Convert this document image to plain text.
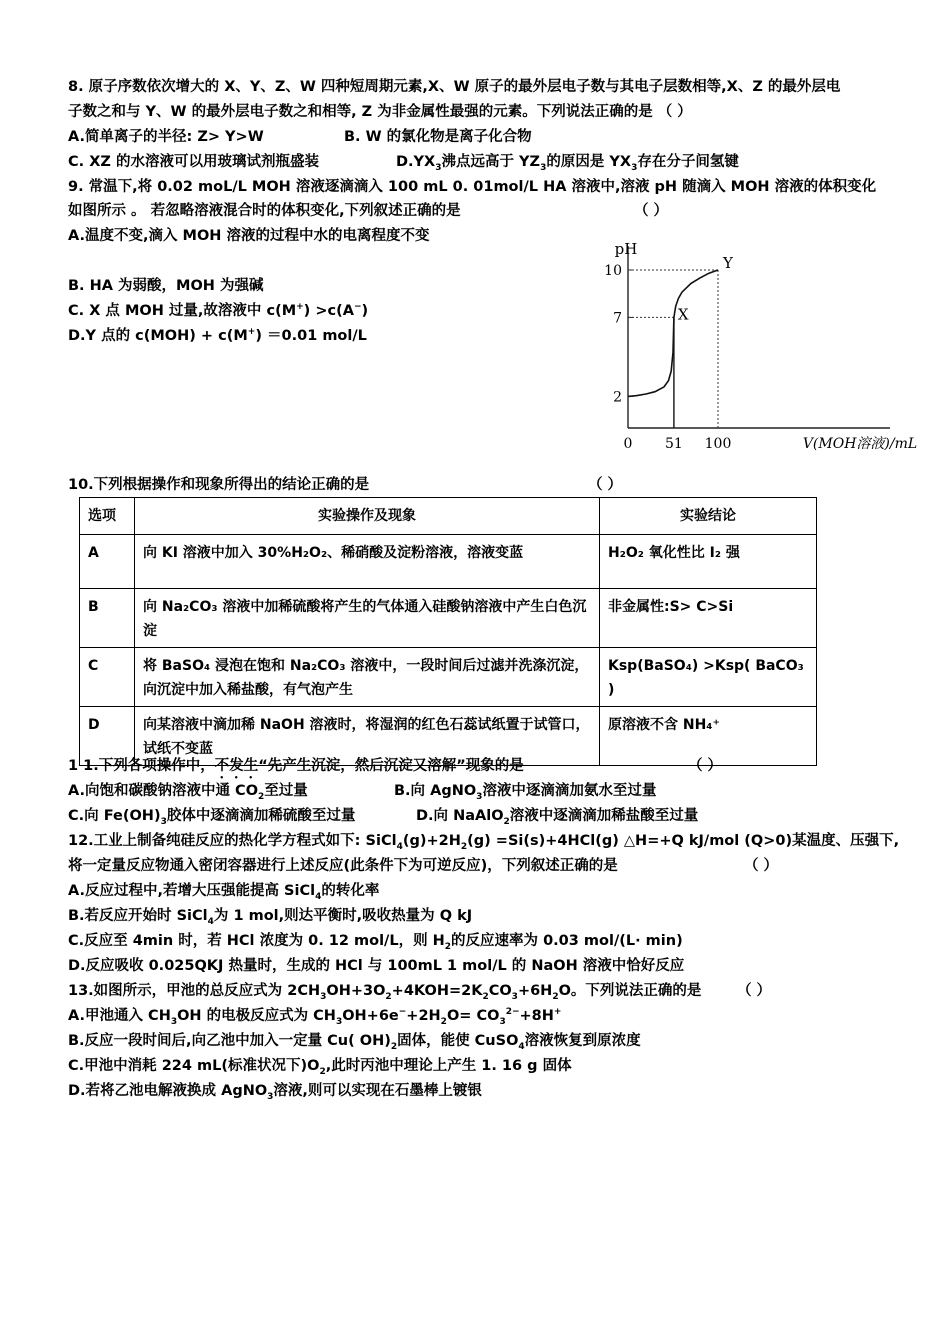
8. 原子序数依次增大的 X、Y、Z、W 四种短周期元素,X、W 原子的最外层电子数与其电子层数相等,X、Z 的最外层电
子数之和与 Y、W 的最外层电子数之和相等, Z 为非金属性最强的元素。下列说法正确的是 （ ）
A.简单离子的半径: Z> Y>W	B. W 的氯化物是离子化合物
C. XZ 的水溶液可以用玻璃试剂瓶盛装	$D.YX_3$沸点远高于 $YZ_3$的原因是 $YX_3$存在分子间氢键
9. 常温下,将 0.02 moL/L MOH 溶液逐滴滴入 100 mL 0. 01mol/L HA 溶液中,溶液 pH 随滴入 MOH 溶液的体积变化
如图所示 。 若忽略溶液混合时的体积变化,下列叙述正确的是	（ ）
A.温度不变,滴入 MOH 溶液的过程中水的电离程度不变
B. HA 为弱酸，MOH 为强碱
C. X 点 MOH 过量,故溶液中 c(M+) >c(A−)
D.Y 点的 c(MOH) + c(M+) ＝0.01 mol/L
pH
V(MOH溶液)/mL
2
7
10
0 51 100
X
Y
10.下列根据操作和现象所得出的结论正确的是	（ ）
选项	实验操作及现象	实验结论
A	向 KI 溶液中加入 30%H₂O₂、稀硝酸及淀粉溶液，溶液变蓝	H₂O₂ 氧化性比 I₂ 强
B	向 Na₂CO₃ 溶液中加稀硫酸将产生的气体通入硅酸钠溶液中产生白色沉淀	非金属性:S> C>Si
C	将 BaSO₄ 浸泡在饱和 Na₂CO₃ 溶液中，一段时间后过滤并洗涤沉淀，向沉淀中加入稀盐酸，有气泡产生	Ksp(BaSO₄) >Ksp( BaCO₃ )
D	向某溶液中滴加稀 NaOH 溶液时，将湿润的红色石蕊试纸置于试管口，试纸不变蓝	原溶液不含 NH₄⁺
1 1.下列各项操作中，不发生“先产生沉淀，然后沉淀又溶解”现象的是	（ ）
A.向饱和碳酸钠溶液中通 $CO_2$至过量	B.向 AgNO$_3$溶液中逐滴滴加氨水至过量
C.向 $Fe(OH)_3$胶体中逐滴滴加稀硫酸至过量	D.向 NaAlO$_2$溶液中逐滴滴加稀盐酸至过量
12.工业上制备纯硅反应的热化学方程式如下: $SiCl_4(g)+2H_2(g) =Si(s)+4HCl(g)$ △H=+Q kJ/mol (Q>0)某温度、压强下,
将一定量反应物通入密闭容器进行上述反应(此条件下为可逆反应)，下列叙述正确的是	（ ）
A.反应过程中,若增大压强能提高 SiCl$_4$的转化率
B.若反应开始时 SiCl$_4$为 1 mol,则达平衡时,吸收热量为 Q kJ
C.反应至 4min 时，若 HCl 浓度为 0. 12 mol/L，则 $H_2$的反应速率为 0.03 mol/(L· min)
D.反应吸收 0.025QKJ 热量时，生成的 HCl 与 100mL 1 mol/L 的 NaOH 溶液中恰好反应
13.如图所示，甲池的总反应式为 $2CH_3OH+3O_2+4KOH=2K_2CO_3+6H_2O$。下列说法正确的是 （ ）
A.甲池通入 $CH_3OH$ 的电极反应式为 $CH_3OH+6e^-+2H_2O= CO_3^{2-}+8H^+$
B.反应一段时间后,向乙池中加入一定量 Cu( $OH)_2$固体，能使 CuSO$_4$溶液恢复到原浓度
C.甲池中消耗 224 mL(标准状况下)$O_2$,此时丙池中理论上产生 1. 16 g 固体
D.若将乙池电解液换成 AgNO$_3$溶液,则可以实现在石墨棒上镀银
